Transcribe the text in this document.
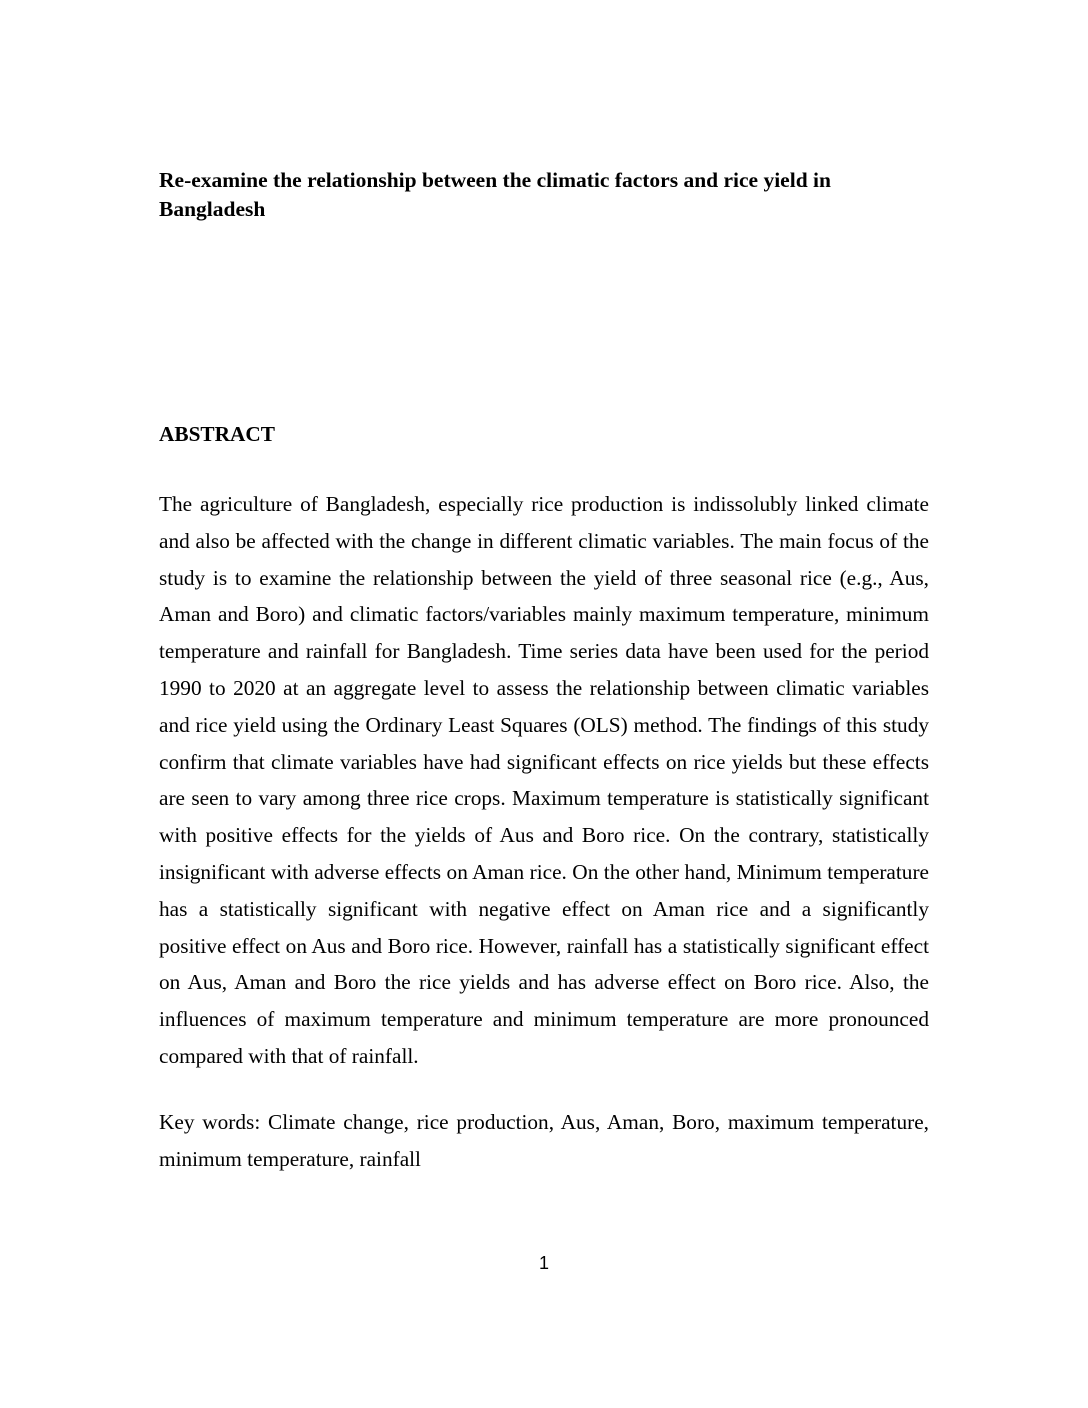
Re-examine the relationship between the climatic factors and rice yield in Bangladesh
ABSTRACT

The agriculture of Bangladesh, especially rice production is indissolubly linked climate and also be affected with the change in different climatic variables. The main focus of the study is to examine the relationship between the yield of three seasonal rice (e.g., Aus, Aman and Boro) and climatic factors/variables mainly maximum temperature, minimum temperature and rainfall for Bangladesh. Time series data have been used for the period 1990 to 2020 at an aggregate level to assess the relationship between climatic variables and rice yield using the Ordinary Least Squares (OLS) method. The findings of this study confirm that climate variables have had significant effects on rice yields but these effects are seen to vary among three rice crops. Maximum temperature is statistically significant with positive effects for the yields of Aus and Boro rice. On the contrary, statistically insignificant with adverse effects on Aman rice. On the other hand, Minimum temperature has a statistically significant with negative effect on Aman rice and a significantly positive effect on Aus and Boro rice. However, rainfall has a statistically significant effect on Aus, Aman and Boro the rice yields and has adverse effect on Boro rice. Also, the influences of maximum temperature and minimum temperature are more pronounced compared with that of rainfall.

Key words: Climate change, rice production, Aus, Aman, Boro, maximum temperature, minimum temperature, rainfall

1
